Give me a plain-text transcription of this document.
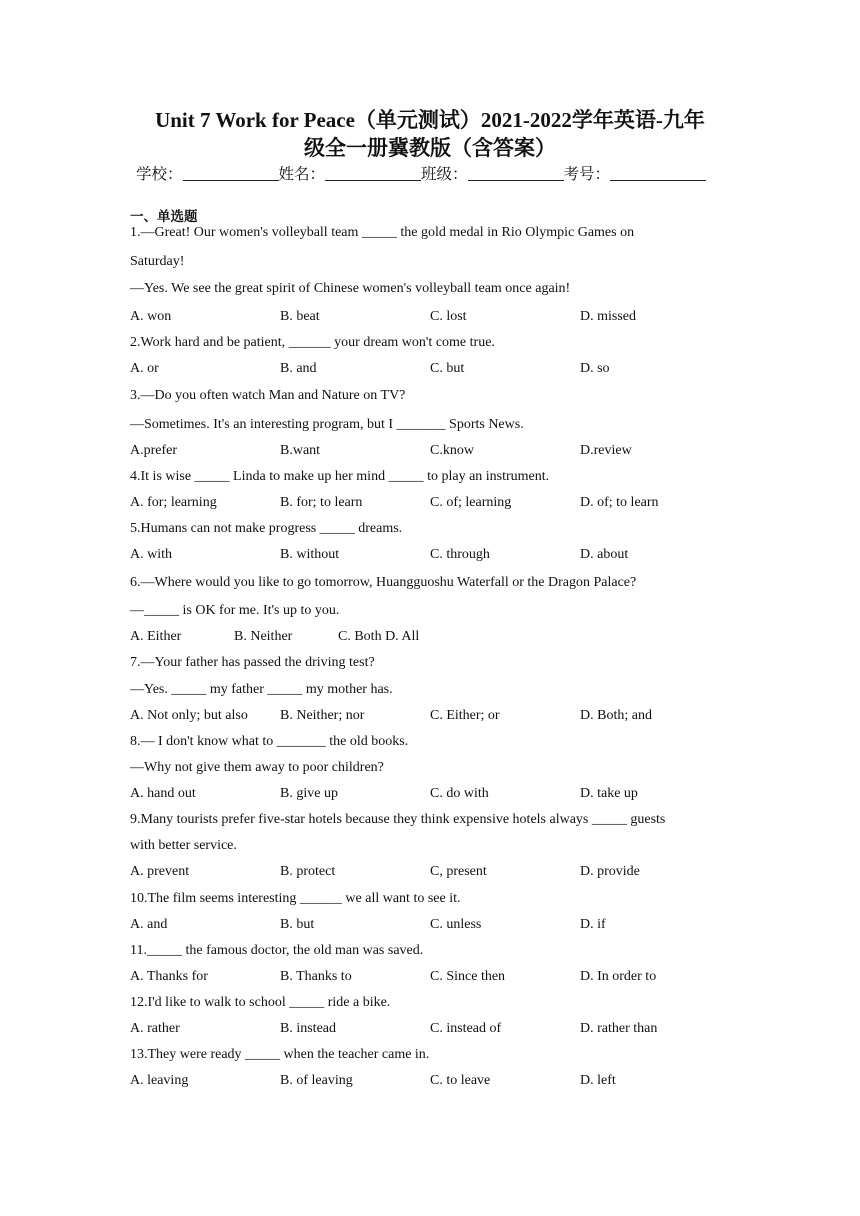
Unit 7 Work for Peace（单元测试）2021-2022学年英语-九年
级全一册冀教版（含答案）
学校：	姓名：	班级：	考号：
一、单选题
1.—Great! Our women's volleyball team _____ the gold medal in Rio Olympic Games on
Saturday!
—Yes. We see the great spirit of Chinese women's volleyball team once again!
A. won	B. beat	C. lost	D. missed
2.Work hard and be patient, ______ your dream won't come true.
A. or	B. and	C. but	D. so
3.—Do you often watch Man and Nature on TV?
—Sometimes. It's an interesting program, but I _______ Sports News.
A.prefer	B.want	C.know	D.review
4.It is wise _____ Linda to make up her mind _____ to play an instrument.
A. for; learning	B. for; to learn	C. of; learning	D. of; to learn
5.Humans can not make progress _____ dreams.
A. with	B. without	C. through	D. about
6.—Where would you like to go tomorrow, Huangguoshu Waterfall or the Dragon Palace?
—_____ is OK for me. It's up to you.
A. Either	B. Neither	C. Both D. All
7.—Your father has passed the driving test?
—Yes. _____ my father _____ my mother has.
A. Not only; but also B. Neither; nor	C. Either; or	D. Both; and
8.— I don't know what to _______ the old books.
—Why not give them away to poor children?
A. hand out	B. give up	C. do with	D. take up
9.Many tourists prefer five-star hotels because they think expensive hotels always _____ guests
with better service.
A. prevent	B. protect	C, present	D. provide
10.The film seems interesting ______ we all want to see it.
A. and	B. but	C. unless	D. if
11._____ the famous doctor, the old man was saved.
A. Thanks for	B. Thanks to	C. Since then	D. In order to
12.I'd like to walk to school _____ ride a bike.
A. rather	B. instead	C. instead of	D. rather than
13.They were ready _____ when the teacher came in.
A. leaving	B. of leaving	C. to leave	D. left
